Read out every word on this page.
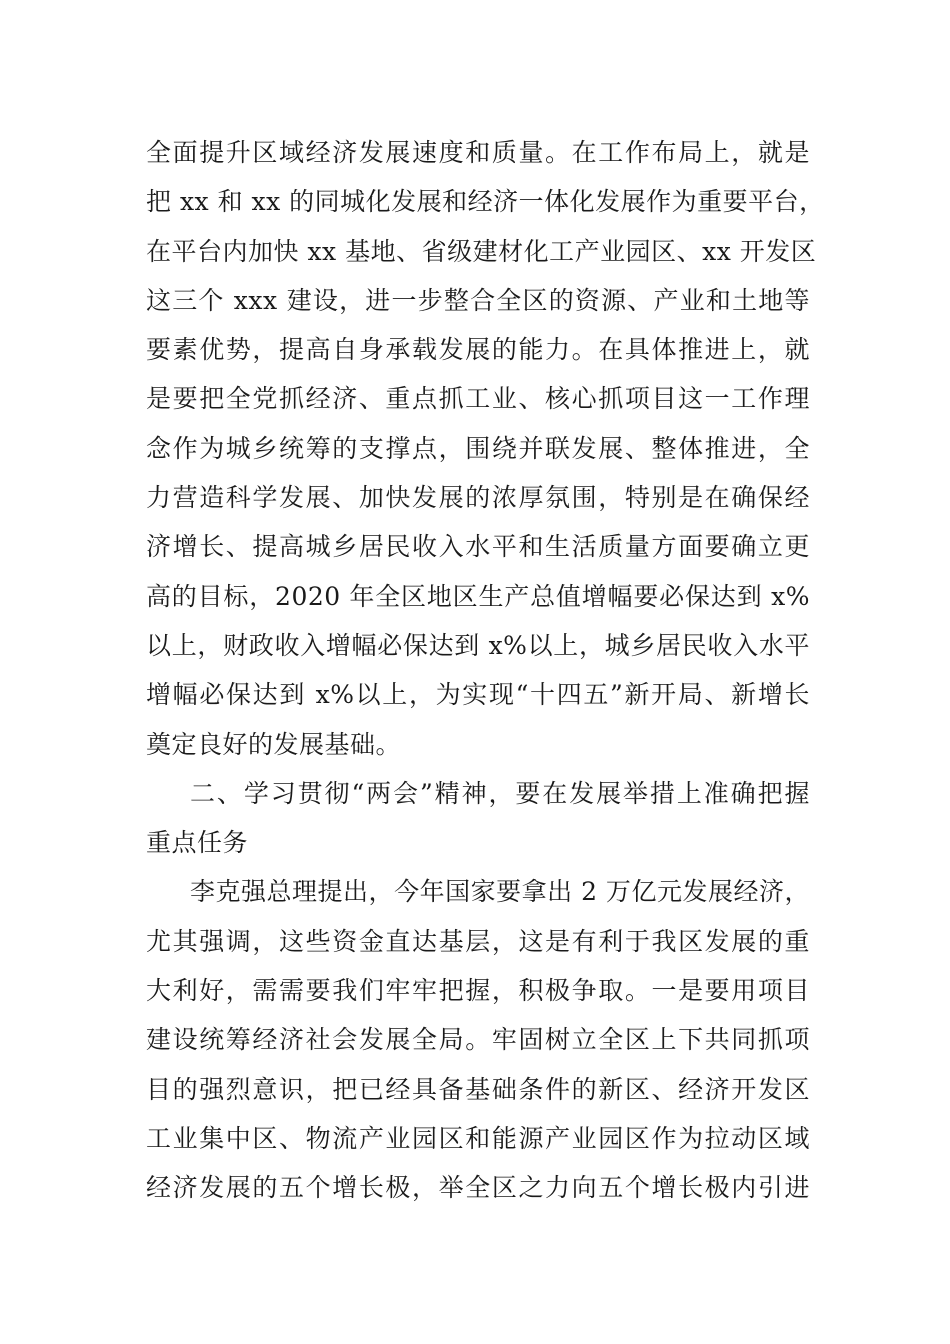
全面提升区域经济发展速度和质量。在工作布局上，就是
把 xx 和 xx 的同城化发展和经济一体化发展作为重要平台，
在平台内加快 xx 基地、省级建材化工产业园区、xx 开发区
这三个 xxx 建设，进一步整合全区的资源、产业和土地等
要素优势，提高自身承载发展的能力。在具体推进上，就
是要把全党抓经济、重点抓工业、核心抓项目这一工作理
念作为城乡统筹的支撑点，围绕并联发展、整体推进，全
力营造科学发展、加快发展的浓厚氛围，特别是在确保经
济增长、提高城乡居民收入水平和生活质量方面要确立更
高的目标，2020 年全区地区生产总值增幅要必保达到 x%
以上，财政收入增幅必保达到 x%以上，城乡居民收入水平
增幅必保达到 x%以上，为实现“十四五”新开局、新增长
奠定良好的发展基础。
二、学习贯彻“两会”精神，要在发展举措上准确把握
重点任务
李克强总理提出，今年国家要拿出 2 万亿元发展经济，
尤其强调，这些资金直达基层，这是有利于我区发展的重
大利好，需需要我们牢牢把握，积极争取。一是要用项目
建设统筹经济社会发展全局。牢固树立全区上下共同抓项
目的强烈意识，把已经具备基础条件的新区、经济开发区
工业集中区、物流产业园区和能源产业园区作为拉动区域
经济发展的五个增长极，举全区之力向五个增长极内引进
